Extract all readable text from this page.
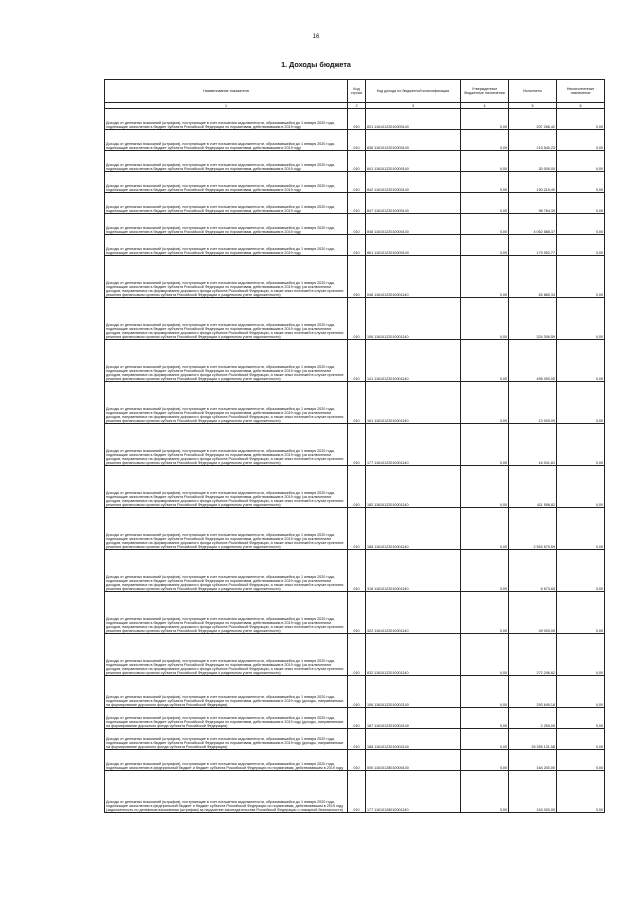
16
1. Доходы бюджета
Наименование показателя	Код строки	Код дохода по бюджетной классификации	Утвержденные бюджетные назначения	Исполнено	Неисполненные назначения
1	2	3	4	5	6
Доходы от денежных взысканий (штрафов), поступающие в счет погашения задолженности, образовавшейся до 1 января 2020 года, подлежащие зачислению в бюджет субъекта Российской Федерации по нормативам, действовавшим в 2019 году	010	831 11610122010000140	0,00	207 266,42	0,00
Доходы от денежных взысканий (штрафов), поступающие в счет погашения задолженности, образовавшейся до 1 января 2020 года, подлежащие зачислению в бюджет субъекта Российской Федерации по нормативам, действовавшим в 2019 году	010	836 11610122010000140	0,00	215 540,23	0,00
Доходы от денежных взысканий (штрафов), поступающие в счет погашения задолженности, образовавшейся до 1 января 2020 года, подлежащие зачислению в бюджет субъекта Российской Федерации по нормативам, действовавшим в 2019 году	010	841 11610122010000140	0,00	30 000,00	0,00
Доходы от денежных взысканий (штрафов), поступающие в счет погашения задолженности, образовавшейся до 1 января 2020 года, подлежащие зачислению в бюджет субъекта Российской Федерации по нормативам, действовавшим в 2019 году	010	842 11610122010000140	0,00	190 215,40	0,00
Доходы от денежных взысканий (штрафов), поступающие в счет погашения задолженности, образовавшейся до 1 января 2020 года, подлежащие зачислению в бюджет субъекта Российской Федерации по нормативам, действовавшим в 2019 году	010	847 11610122010000140	0,00	98 764,30	0,00
Доходы от денежных взысканий (штрафов), поступающие в счет погашения задолженности, образовавшейся до 1 января 2020 года, подлежащие зачислению в бюджет субъекта Российской Федерации по нормативам, действовавшим в 2019 году	010	848 11610122010000140	0,00	4 062 888,37	0,00
Доходы от денежных взысканий (штрафов), поступающие в счет погашения задолженности, образовавшейся до 1 января 2020 года, подлежащие зачислению в бюджет субъекта Российской Федерации по нормативам, действовавшим в 2019 году	010	861 11610122010000140	0,00	179 952,77	0,00
Доходы от денежных взысканий (штрафов), поступающие в счет погашения задолженности, образовавшейся до 1 января 2020 года, подлежащие зачислению в бюджет субъекта Российской Федерации по нормативам, действовавшим в 2019 году (за исключением доходов, направляемых на формирование дорожного фонда субъекта Российской Федерации, а также иных платежей в случае принятия решения финансовым органом субъекта Российской Федерации о раздельном учете задолженности)	010	048 11610122010001140	0,00	63 880,34	0,00
Доходы от денежных взысканий (штрафов), поступающие в счет погашения задолженности, образовавшейся до 1 января 2020 года, подлежащие зачислению в бюджет субъекта Российской Федерации по нормативам, действовавшим в 2019 году (за исключением доходов, направляемых на формирование дорожного фонда субъекта Российской Федерации, а также иных платежей в случае принятия решения финансовым органом субъекта Российской Федерации о раздельном учете задолженности)	010	106 11610122010001140	0,00	324 306,59	0,00
Доходы от денежных взысканий (штрафов), поступающие в счет погашения задолженности, образовавшейся до 1 января 2020 года, подлежащие зачислению в бюджет субъекта Российской Федерации по нормативам, действовавшим в 2019 году (за исключением доходов, направляемых на формирование дорожного фонда субъекта Российской Федерации, а также иных платежей в случае принятия решения финансовым органом субъекта Российской Федерации о раздельном учете задолженности)	010	141 11610122010001140	0,00	495 000,00	0,00
Доходы от денежных взысканий (штрафов), поступающие в счет погашения задолженности, образовавшейся до 1 января 2020 года, подлежащие зачислению в бюджет субъекта Российской Федерации по нормативам, действовавшим в 2019 году (за исключением доходов, направляемых на формирование дорожного фонда субъекта Российской Федерации, а также иных платежей в случае принятия решения финансовым органом субъекта Российской Федерации о раздельном учете задолженности)	010	161 11610122010001140	0,00	13 000,00	0,00
Доходы от денежных взысканий (штрафов), поступающие в счет погашения задолженности, образовавшейся до 1 января 2020 года, подлежащие зачислению в бюджет субъекта Российской Федерации по нормативам, действовавшим в 2019 году (за исключением доходов, направляемых на формирование дорожного фонда субъекта Российской Федерации, а также иных платежей в случае принятия решения финансовым органом субъекта Российской Федерации о раздельном учете задолженности)	010	177 11610122010001140	0,00	16 041,81	0,00
Доходы от денежных взысканий (штрафов), поступающие в счет погашения задолженности, образовавшейся до 1 января 2020 года, подлежащие зачислению в бюджет субъекта Российской Федерации по нормативам, действовавшим в 2019 году (за исключением доходов, направляемых на формирование дорожного фонда субъекта Российской Федерации, а также иных платежей в случае принятия решения финансовым органом субъекта Российской Федерации о раздельном учете задолженности)	010	182 11610122010001140	0,00	411 596,82	0,00
Доходы от денежных взысканий (штрафов), поступающие в счет погашения задолженности, образовавшейся до 1 января 2020 года, подлежащие зачислению в бюджет субъекта Российской Федерации по нормативам, действовавшим в 2019 году (за исключением доходов, направляемых на формирование дорожного фонда субъекта Российской Федерации, а также иных платежей в случае принятия решения финансовым органом субъекта Российской Федерации о раздельном учете задолженности)	010	188 11610122010001140	0,00	2 563 670,59	0,00
Доходы от денежных взысканий (штрафов), поступающие в счет погашения задолженности, образовавшейся до 1 января 2020 года, подлежащие зачислению в бюджет субъекта Российской Федерации по нормативам, действовавшим в 2019 году (за исключением доходов, направляемых на формирование дорожного фонда субъекта Российской Федерации, а также иных платежей в случае принятия решения финансовым органом субъекта Российской Федерации о раздельном учете задолженности)	010	318 11610122010001140	0,00	6 673,65	0,00
Доходы от денежных взысканий (штрафов), поступающие в счет погашения задолженности, образовавшейся до 1 января 2020 года, подлежащие зачислению в бюджет субъекта Российской Федерации по нормативам, действовавшим в 2019 году (за исключением доходов, направляемых на формирование дорожного фонда субъекта Российской Федерации, а также иных платежей в случае принятия решения финансовым органом субъекта Российской Федерации о раздельном учете задолженности)	010	322 11610122010001140	0,00	49 000,00	0,00
Доходы от денежных взысканий (штрафов), поступающие в счет погашения задолженности, образовавшейся до 1 января 2020 года, подлежащие зачислению в бюджет субъекта Российской Федерации по нормативам, действовавшим в 2019 году (за исключением доходов, направляемых на формирование дорожного фонда субъекта Российской Федерации, а также иных платежей в случае принятия решения финансовым органом субъекта Российской Федерации о раздельном учете задолженности)	010	832 11610122010001140	0,00	272 246,62	0,00
Доходы от денежных взысканий (штрафов), поступающие в счет погашения задолженности, образовавшейся до 1 января 2020 года, подлежащие зачислению в бюджет субъекта Российской Федерации по нормативам, действовавшим в 2019 году (доходы, направляемые на формирование дорожного фонда субъекта Российской Федерации)	010	106 11610122010002140	0,00	293 649,18	0,00
Доходы от денежных взысканий (штрафов), поступающие в счет погашения задолженности, образовавшейся до 1 января 2020 года, подлежащие зачислению в бюджет субъекта Российской Федерации по нормативам, действовавшим в 2019 году (доходы, направляемые на формирование дорожного фонда субъекта Российской Федерации)	010	187 11610122010002140	0,00	2 250,00	0,00
Доходы от денежных взысканий (штрафов), поступающие в счет погашения задолженности, образовавшейся до 1 января 2020 года, подлежащие зачислению в бюджет субъекта Российской Федерации по нормативам, действовавшим в 2019 году (доходы, направляемые на формирование дорожного фонда субъекта Российской Федерации)	010	188 11610122010002140	0,00	35 355 131,58	0,00
Доходы от денежных взысканий (штрафов), поступающие в счет погашения задолженности, образовавшейся до 1 января 2020 года, подлежащие зачислению в федеральный бюджет и бюджет субъекта Российской Федерации по нормативам, действовавшим в 2019 году	010	000 11610128010000140	0,00	164 200,00	0,00
Доходы от денежных взысканий (штрафов), поступающие в счет погашения задолженности, образовавшейся до 1 января 2020 года, подлежащие зачислению в федеральный бюджет и бюджет субъекта Российской Федерации по нормативам, действовавшим в 2019 году (задолженность по денежным взысканиям (штрафам) за нарушение законодательства Российской Федерации о пожарной безопасности)	010	177 11610128010001140	0,00	163 000,00	0,00
